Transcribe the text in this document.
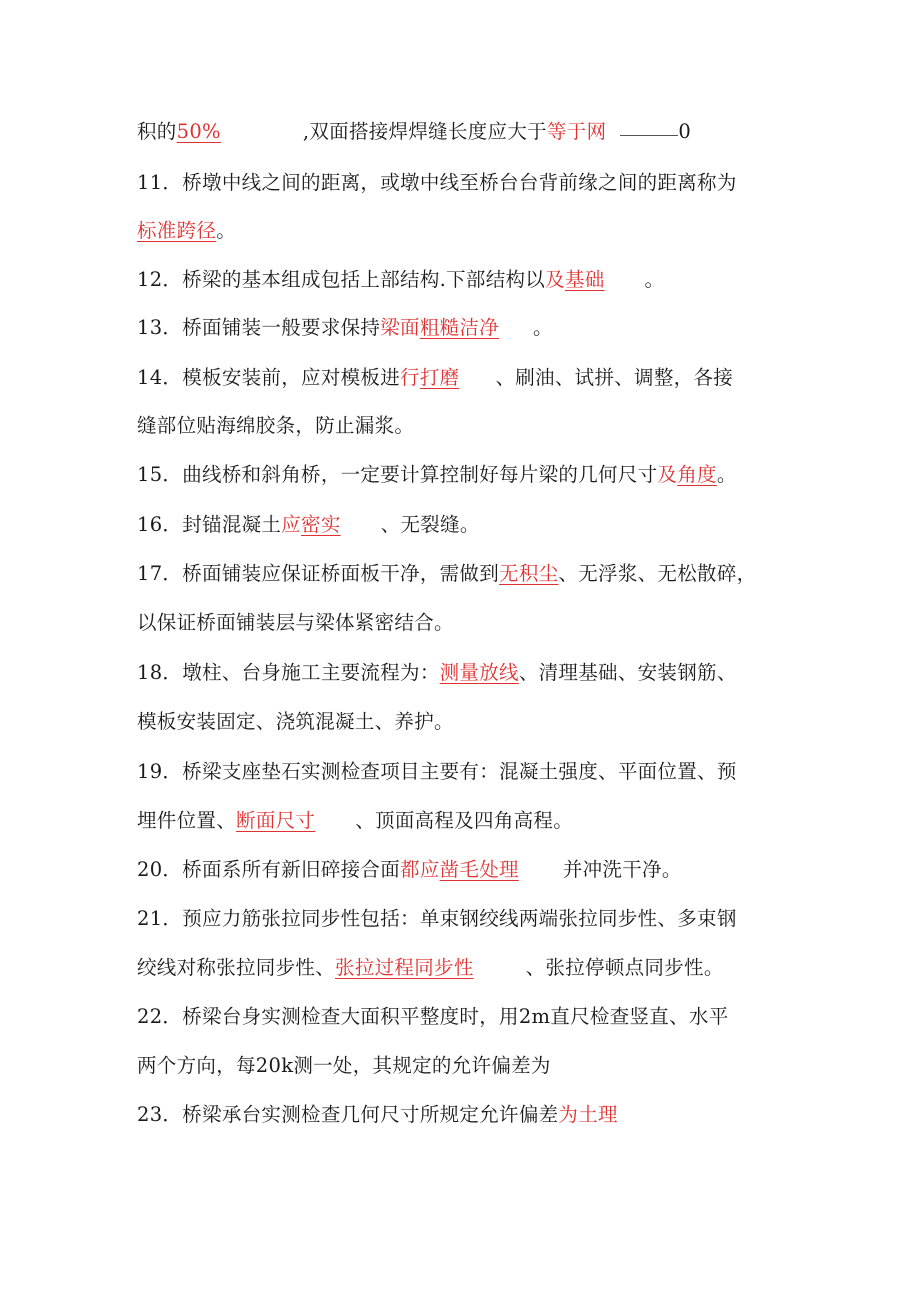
积的50%	,双面搭接焊焊缝长度应大于等于网	0
11．桥墩中线之间的距离，或墩中线至桥台台背前缘之间的距离称为
标准跨径。
12．桥梁的基本组成包括上部结构.下部结构以及基础 。
13．桥面铺装一般要求保持梁面粗糙洁净 。
14．模板安装前，应对模板进行打磨 、刷油、试拼、调整，各接
缝部位贴海绵胶条，防止漏浆。
15．曲线桥和斜角桥，一定要计算控制好每片梁的几何尺寸及角度。
16．封锚混凝土应密实 、无裂缝。
17．桥面铺装应保证桥面板干净，需做到无积尘、无浮浆、无松散碎，
以保证桥面铺装层与梁体紧密结合。
18．墩柱、台身施工主要流程为：测量放线、清理基础、安装钢筋、
模板安装固定、浇筑混凝土、养护。
19．桥梁支座垫石实测检查项目主要有：混凝土强度、平面位置、预
埋件位置、断面尺寸 、顶面高程及四角高程。
20．桥面系所有新旧碎接合面都应凿毛处理 并冲洗干净。
21．预应力筋张拉同步性包括：单束钢绞线两端张拉同步性、多束钢
绞线对称张拉同步性、张拉过程同步性	、张拉停顿点同步性。
22．桥梁台身实测检查大面积平整度时，用2m直尺检查竖直、水平
两个方向，每20k测一处，其规定的允许偏差为
23．桥梁承台实测检查几何尺寸所规定允许偏差为土理
